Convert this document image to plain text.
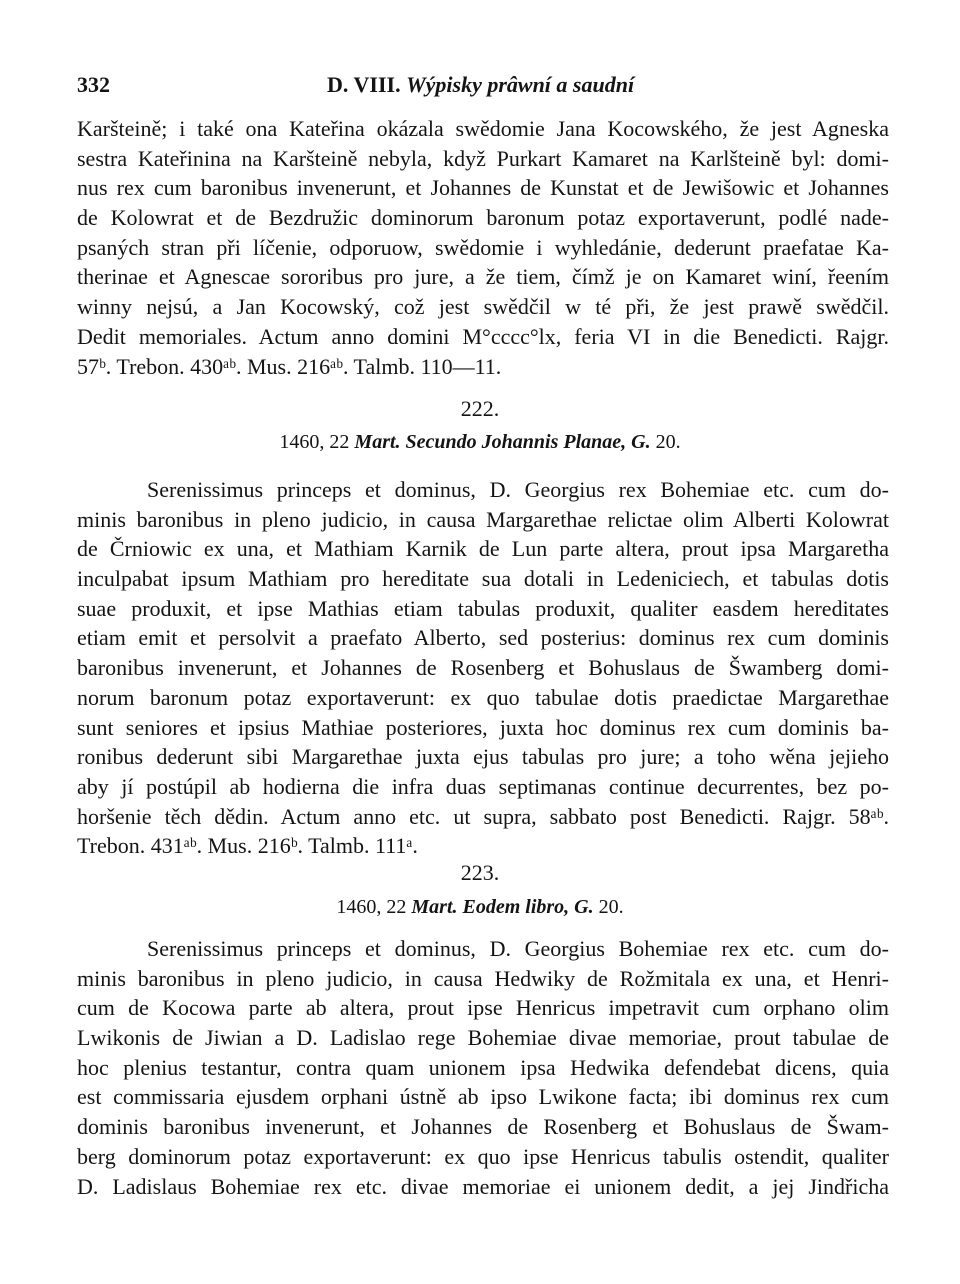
332	D. VIII. Wýpisky prâwní a saudní
Karšteině; i také ona Kateřina okázala swědomie Jana Kocowského, že jest Agneska
sestra Kateřinina na Karšteině nebyla, když Purkart Kamaret na Karlšteině byl: domi-
nus rex cum baronibus invenerunt, et Johannes de Kunstat et de Jewišowic et Johannes
de Kolowrat et de Bezdružic dominorum baronum potaz exportaverunt, podlé nade-
psaných stran při líčenie, odporuow, swědomie i wyhledánie, dederunt praefatae Ka-
therinae et Agnescae sororibus pro jure, a že tiem, čímž je on Kamaret winí, řeením
winny nejsú, a Jan Kocowský, což jest swědčil w té při, že jest prawě swědčil.
Dedit memoriales. Actum anno domini M°cccc°lx, feria VI in die Benedicti. Rajgr.
57ᵇ. Trebon. 430ᵃᵇ. Mus. 216ᵃᵇ. Talmb. 110—11.
222.
1460, 22 Mart. Secundo Johannis Planae, G. 20.
Serenissimus princeps et dominus, D. Georgius rex Bohemiae etc. cum do-
minis baronibus in pleno judicio, in causa Margarethae relictae olim Alberti Kolowrat
de Črniowic ex una, et Mathiam Karnik de Lun parte altera, prout ipsa Margaretha
inculpabat ipsum Mathiam pro hereditate sua dotali in Ledeniciech, et tabulas dotis
suae produxit, et ipse Mathias etiam tabulas produxit, qualiter easdem hereditates
etiam emit et persolvit a praefato Alberto, sed posterius: dominus rex cum dominis
baronibus invenerunt, et Johannes de Rosenberg et Bohuslaus de Šwamberg domi-
norum baronum potaz exportaverunt: ex quo tabulae dotis praedictae Margarethae
sunt seniores et ipsius Mathiae posteriores, juxta hoc dominus rex cum dominis ba-
ronibus dederunt sibi Margarethae juxta ejus tabulas pro jure; a toho wěna jejieho
aby jí postúpil ab hodierna die infra duas septimanas continue decurrentes, bez po-
horšenie těch dědin. Actum anno etc. ut supra, sabbato post Benedicti. Rajgr. 58ᵃᵇ.
Trebon. 431ᵃᵇ. Mus. 216ᵇ. Talmb. 111ᵃ.
223.
1460, 22 Mart. Eodem libro, G. 20.
Serenissimus princeps et dominus, D. Georgius Bohemiae rex etc. cum do-
minis baronibus in pleno judicio, in causa Hedwiky de Rožmitala ex una, et Henri-
cum de Kocowa parte ab altera, prout ipse Henricus impetravit cum orphano olim
Lwikonis de Jiwian a D. Ladislao rege Bohemiae divae memoriae, prout tabulae de
hoc plenius testantur, contra quam unionem ipsa Hedwika defendebat dicens, quia
est commissaria ejusdem orphani ústně ab ipso Lwikone facta; ibi dominus rex cum
dominis baronibus invenerunt, et Johannes de Rosenberg et Bohuslaus de Šwam-
berg dominorum potaz exportaverunt: ex quo ipse Henricus tabulis ostendit, qualiter
D. Ladislaus Bohemiae rex etc. divae memoriae ei unionem dedit, a jej Jindřicha
